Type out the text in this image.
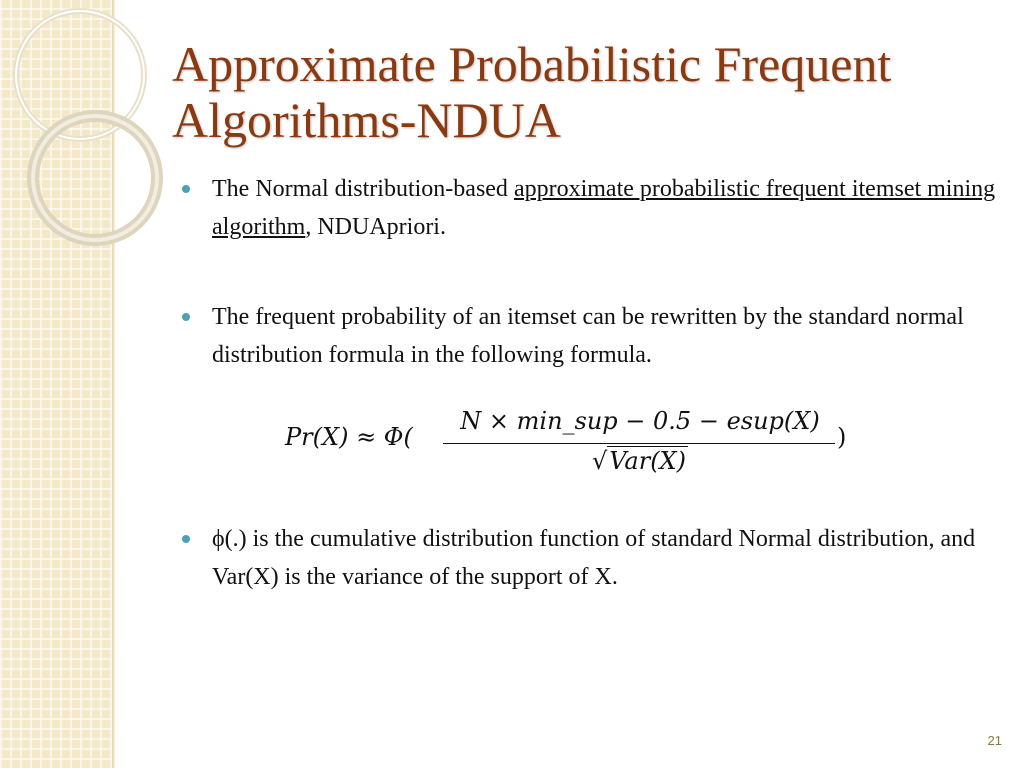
Approximate Probabilistic Frequent
Algorithms-NDUA
The Normal distribution-based approximate probabilistic frequent itemset mining algorithm, NDUApriori.
The frequent probability of an itemset can be rewritten by the standard normal distribution formula in the following formula.
Pr(X) ≈ Φ(
N × min_sup − 0.5 − esup(X)
√Var(X)
)
ϕ(.) is the cumulative distribution function of standard Normal distribution, and Var(X) is the variance of the support of X.
21
